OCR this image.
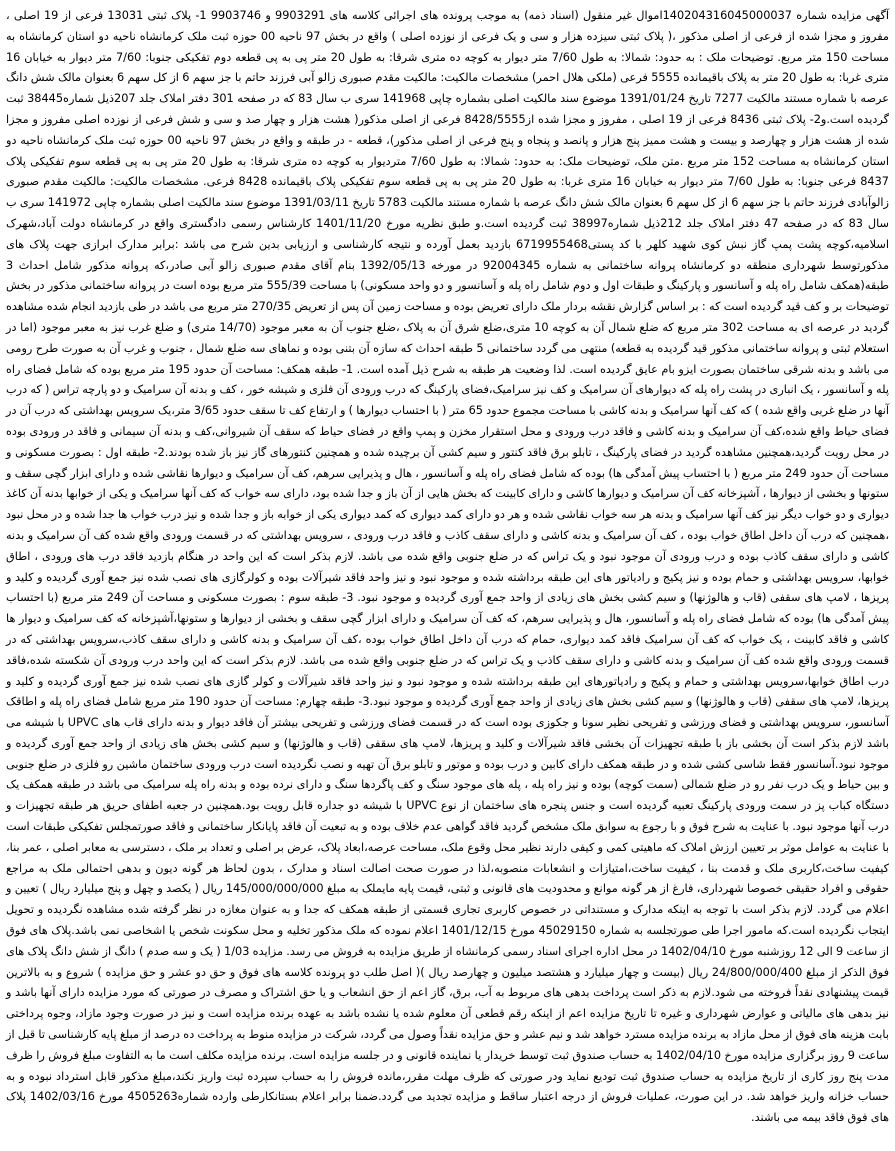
آگهی مزایده شماره 140204316045000037اموال غیر منقول (اسناد ذمه) به موجب پرونده های اجرائی کلاسه های 9903291 و 9903746 1- پلاک ثبتی 13031 فرعی از 19 اصلی ، مفروز و مجزا شده از فرعی از اصلی مذکور ،( پلاک ثبتی سیزده هزار و سی و یک فرعی از نوزده اصلی ) واقع در بخش 97 ناحیه 00 حوزه ثبت ملک کرمانشاه ناحیه دو استان کرمانشاه به مساحت 150 متر مربع. توضیحات ملک : به حدود: شمالا: به طول 7/60 متر دیوار به کوچه ده متری شرقا: به طول 20 متر پی به پی قطعه دوم تفکیکی جنوبا: 7/60 متر دیوار به خیابان 16 متری غربا: به طول 20 متر به پلاک باقیمانده 5555 فرعی (ملکی هلال احمر) مشخصات مالکیت: مالکیت مقدم صبوری زالو آبی فرزند حاتم با جز سهم 6 از کل سهم 6 بعنوان مالک شش دانگ عرصه با شماره مستند مالکیت 7277 تاریخ 1391/01/24 موضوع سند مالکیت اصلی بشماره چاپی 141968 سری ب سال 83 که در صفحه 301 دفتر املاک جلد 207ذیل شماره38445 ثبت گردیده است.و2- پلاک ثبتی 8436 فرعی از 19 اصلی ، مفروز و مجزا شده از8428/5555 فرعی از اصلی مذکور( هشت هزار و چهار صد و سی و شش فرعی از نوزده اصلی مفروز و مجزا شده از هشت هزار و چهارصد و بیست و هشت ممیز پنج هزار و پانصد و پنجاه و پنج فرعی از اصلی مذکور)، قطعه - در طبقه و واقع در بخش 97 ناحیه 00 حوزه ثبت ملک کرمانشاه ناحیه دو استان کرمانشاه به مساحت 152 متر مربع .متن ملک، توضیحات ملک: به حدود: شمالا: به طول 7/60 متردیوار به کوچه ده متری شرقا: به طول 20 متر پی به پی قطعه سوم تفکیکی پلاک 8437 فرعی جنوبا: به طول 7/60 متر دیوار به خیابان 16 متری غربا: به طول 20 متر پی به پی قطعه سوم تفکیکی پلاک باقیمانده 8428 فرعی. مشخصات مالکیت: مالکیت مقدم صبوری زالوآبادی فرزند حاتم با جز سهم 6 از کل سهم 6 بعنوان مالک شش دانگ عرصه با شماره مستند مالکیت 5783 تاریخ 1391/03/11 موضوع سند مالکیت اصلی بشماره چاپی 141972 سری ب سال 83 که در صفحه 47 دفتر املاک جلد 212ذیل شماره38997 ثبت گردیده است.و طبق نظریه مورخ 1401/11/20 کارشناس رسمی دادگستری واقع در کرمانشاه دولت آباد،شهرک اسلامیه،کوچه پشت پمپ گاز نبش کوی شهید کلهر با کد پستی6719955468 بازدید بعمل آورده و نتیجه کارشناسی و ارزیابی بدین شرح می باشد :برابر مدارک ابرازی جهت پلاک های مذکورتوسط شهرداری منطقه دو کرمانشاه پروانه ساختمانی به شماره 92004345 در مورخه 1392/05/13 بنام آقای مقدم صبوری زالو آبی صادر،که پروانه مذکور شامل احداث 3 طبقه(همکف شامل راه پله و آسانسور و پارکینگ و طبقات اول و دوم شامل راه پله و آسانسور و دو واحد مسکونی) با مساحت 555/39 متر مربع بوده است در پروانه ساختمانی مذکور در بخش توضیحات بر و کف قید گردیده است که : بر اساس گزارش نقشه بردار ملک دارای تعریض بوده و مساحت زمین آن پس از تعریض 270/35 متر مربع می باشد در طی بازدید انجام شده مشاهده گردید در عرصه ای به مساحت 302 متر مربع که ضلع شمال آن به کوچه 10 متری،ضلع شرق آن به پلاک ،ضلع جنوب آن به معبر موجود (14/70 متری) و ضلع غرب نیز به معبر موجود (اما در استعلام ثبتی و پروانه ساختمانی مذکور قید گردیده به قطعه) منتهی می گردد ساختمانی 5 طبقه احداث که سازه آن بتنی بوده و نماهای سه ضلع شمال ، جنوب و غرب آن به صورت طرح رومی می باشد و بدنه شرقی ساختمان بصورت ایزو بام عایق گردیده است. لذا وضعیت هر طبقه به شرح ذیل آمده است. 1- طبقه همکف: مساحت آن حدود 195 متر مربع بوده که شامل فضای راه پله و آسانسور ، یک انباری در پشت راه پله که دیوارهای آن سرامیک و کف نیز سرامیک،فضای پارکینگ که درب ورودی آن فلزی و شیشه خور ، کف و بدنه آن سرامیک و دو پارچه تراس ( که درب آنها در ضلع غربی واقع شده ) که کف آنها سرامیک و بدنه کاشی با مساحت مجموع حدود 65 متر ( با احتساب دیوارها ) و ارتفاع کف تا سقف حدود 3/65 متر،یک سرویس بهداشتی که درب آن در فضای حیاط واقع شده،کف آن سرامیک و بدنه کاشی و فاقد درب ورودی و محل استقرار مخزن و پمپ واقع در فضای حیاط که سقف آن شیروانی،کف و بدنه آن سیمانی و فاقد در ورودی بوده در محل رویت گردید،همچنین مشاهده گردید در فضای پارکینگ ، تابلو برق فاقد کنتور و سیم کشی آن برچیده شده و همچنین کنتورهای گاز نیز باز شده بودند.2- طبقه اول : بصورت مسکونی و مساحت آن حدود 249 متر مربع ( با احتساب پیش آمدگی ها) بوده که شامل فضای راه پله و آسانسور ، هال و پذیرایی سرهم، کف آن سرامیک و دیوارها نقاشی شده و دارای ابزار گچی سقف و ستونها و بخشی از دیوارها ، آشپزخانه کف آن سرامیک و دیوارها کاشی و دارای کابینت که بخش هایی از آن باز و جدا شده بود، دارای سه خواب که کف آنها سرامیک و یکی از خوابها بدنه آن کاغذ دیواری و دو خواب دیگر نیز کف آنها سرامیک و بدنه هر سه خواب نقاشی شده و هر دو دارای کمد دیواری که کمد دیواری یکی از خوابه باز و جدا شده و نیز درب خواب ها جدا شده و در محل نبود ،همچنین که درب آن داخل اطاق خواب بوده ، کف آن سرامیک و بدنه کاشی و دارای سقف کاذب و فاقد درب ورودی ، سرویس بهداشتی که در قسمت ورودی واقع شده کف آن سرامیک و بدنه کاشی و دارای سقف کاذب بوده و درب ورودی آن موجود نبود و یک تراس که در ضلع جنوبی واقع شده می باشد. لازم بذکر است که این واحد در هنگام بازدید فاقد درب های ورودی ، اطاق خوابها، سرویس بهداشتی و حمام بوده و نیز پکیج و رادیاتور های این طبقه برداشته شده و موجود نبود و نیز واحد فاقد شیرآلات بوده و کولرگازی های نصب شده نیز جمع آوری گردیده و کلید و پریزها ، لامپ های سقفی (قاب و هالوژنها) و سیم کشی بخش های زیادی از واحد جمع آوری گردیده و موجود نبود. 3- طبقه سوم : بصورت مسکونی و مساحت آن 249 متر مربع (با احتساب پیش آمدگی ها) بوده که شامل فضای راه پله و آسانسور، هال و پذیرایی سرهم، که کف آن سرامیک و دارای ابزار گچی سقف و بخشی از دیوارها و ستونها،آشپزخانه که کف سرامیک و دیوار ها کاشی و فاقد کابینت ، یک خواب که کف آن سرامیک فاقد کمد دیواری، حمام که درب آن داخل اطاق خواب بوده ،کف آن سرامیک و بدنه کاشی و دارای سقف کاذب،سرویس بهداشتی که در قسمت ورودی واقع شده کف آن سرامیک و بدنه کاشی و دارای سقف کاذب و یک تراس که در ضلع جنوبی واقع شده می باشد. لازم بذکر است که این واحد درب ورودی آن شکسته شده،فاقد درب اطاق خوابها،سرویس بهداشتی و حمام و پکیج و رادیاتورهای این طبقه برداشته شده و موجود نبود و نیز واحد فاقد شیرآلات و کولر گازی های نصب شده نیز جمع آوری گردیده و کلید و پریزها، لامپ های سقفی (قاب و هالوژنها) و سیم کشی بخش های زیادی از واحد جمع آوری گردیده و موجود نبود.3- طبقه چهارم: مساحت آن حدود 190 متر مربع شامل فضای راه پله و اطاقک آسانسور، سرویس بهداشتی و فضای ورزشی و تفریحی نظیر سونا و جکوزی بوده است که در قسمت فضای ورزشی و تفریحی بیشتر آن فاقد دیوار و بدنه دارای قاب های UPVC با شیشه می باشد لازم بذکر است آن بخشی باز با طبقه تجهیزات آن بخشی فاقد شیرآلات و کلید و پریزها، لامپ های سقفی (قاب و هالوژنها) و سیم کشی بخش های زیادی از واحد جمع آوری گردیده و موجود نبود.آسانسور فقط شاسی کشی شده و در طبقه همکف دارای کابین و درب بوده و موتور و تابلو برق آن تهیه و نصب نگردیده است درب ورودی ساختمان ماشین رو فلزی در ضلع جنوبی و بین حیاط و یک درب نفر رو در ضلع شمالی (سمت کوچه) بوده و نیز راه پله ، پله های موجود سنگ و کف پاگردها سنگ و دارای نرده بوده و بدنه راه پله سرامیک می باشد در طبقه همکف یک دستگاه کباب پز در سمت ورودی پارکینگ تعبیه گردیده است و جنس پنجره های ساختمان از نوع UPVC با شیشه دو جداره قابل رویت بود.همچنین در جعبه اطفای حریق هر طبقه تجهیزات و درب آنها موجود نبود. با عنایت به شرح فوق و با رجوع به سوابق ملک مشخص گردید فاقد گواهی عدم خلاف بوده و به تبعیت آن فاقد پایانکار ساختمانی و فاقد صورتمجلس تفکیکی طبقات است با عنایت به عوامل موثر بر تعیین ارزش املاک که ماهیتی کمی و کیفی دارند نظیر محل وقوع ملک، مساحت عرصه،ابعاد پلاک، عرض بر اصلی و تعداد بر ملک ، دسترسی به معابر اصلی ، عمر بنا، کیفیت ساخت،کاربری ملک و قدمت بنا ، کیفیت ساخت،امتیازات و انشعابات منصوبه،لذا در صورت صحت اصالت اسناد و مدارک ، بدون لحاظ هر گونه دیون و بدهی احتمالی ملک به مراجع حقوقی و افراد حقیقی خصوصا شهرداری، فارغ از هر گونه موانع و محدودیت های قانونی و ثبتی، قیمت پایه مایملک به مبلغ 145/000/000/000 ریال ( یکصد و چهل و پنج میلیارد ریال ) تعیین و اعلام می گردد. لازم بذکر است با توجه به اینکه مدارک و مستنداتی در خصوص کاربری تجاری قسمتی از طبقه همکف که جدا و به عنوان مغازه در نظر گرفته شده مشاهده نگردیده و تحویل ایتجاب نگردیده است.که مامور اجرا طی صورتجلسه به شماره 45029150 مورخ 1401/12/15 اعلام نموده که ملک مذکور تخلیه و محل سکونت شخص یا اشخاصی نمی باشد.پلاک های فوق از ساعت 9 الی 12 روزشنبه مورخ 1402/04/10 در محل اداره اجرای اسناد رسمی کرمانشاه از طریق مزایده به فروش می رسد. مزایده 1/03 ( یک و سه صدم ) دانگ از شش دانگ پلاک های فوق الذکر از مبلغ 24/800/000/400 ریال (بیست و چهار میلیارد و هشتصد میلیون و چهارصد ریال )( اصل طلب دو پرونده کلاسه های فوق و حق دو عشر و حق مزایده ) شروع و به بالاترین قیمت پیشنهادی نقداً فروخته می شود.لازم به ذکر است پرداخت بدهی های مربوط به آب، برق، گاز اعم از حق انشعاب و یا حق اشتراک و مصرف در صورتی که مورد مزایده دارای آنها باشد و نیز بدهی های مالیاتی و عوارض شهرداری و غیره تا تاریخ مزایده اعم از اینکه رقم قطعی آن معلوم شده یا نشده باشد به عهده برنده مزایده است و نیز در صورت وجود مازاد، وجوه پرداختی بابت هزینه های فوق از محل مازاد به برنده مزایده مسترد خواهد شد و نیم عشر و حق مزایده نقداً وصول می گردد، شرکت در مزایده منوط به پرداخت ده درصد از مبلغ پایه کارشناسی تا قبل از ساعت 9 روز برگزاری مزایده مورخ 1402/04/10 به حساب صندوق ثبت توسط خریدار یا نماینده قانونی و در جلسه مزایده است. برنده مزایده مکلف است ما به التفاوت مبلغ فروش را ظرف مدت پنج روز کاری از تاریخ مزایده به حساب صندوق ثبت تودیع نماید ودر صورتی که ظرف مهلت مقرر،مانده فروش را به حساب سپرده ثبت واریز نکند،مبلغ مذکور قابل استرداد نبوده و به حساب خزانه واریز خواهد شد. در این صورت، عملیات فروش از درجه اعتبار ساقط و مزایده تجدید می گردد.ضمنا برابر اعلام بستانکارطی وارده شماره4505263 مورخ 1402/03/16 پلاک های فوق فاقد بیمه می باشند.
